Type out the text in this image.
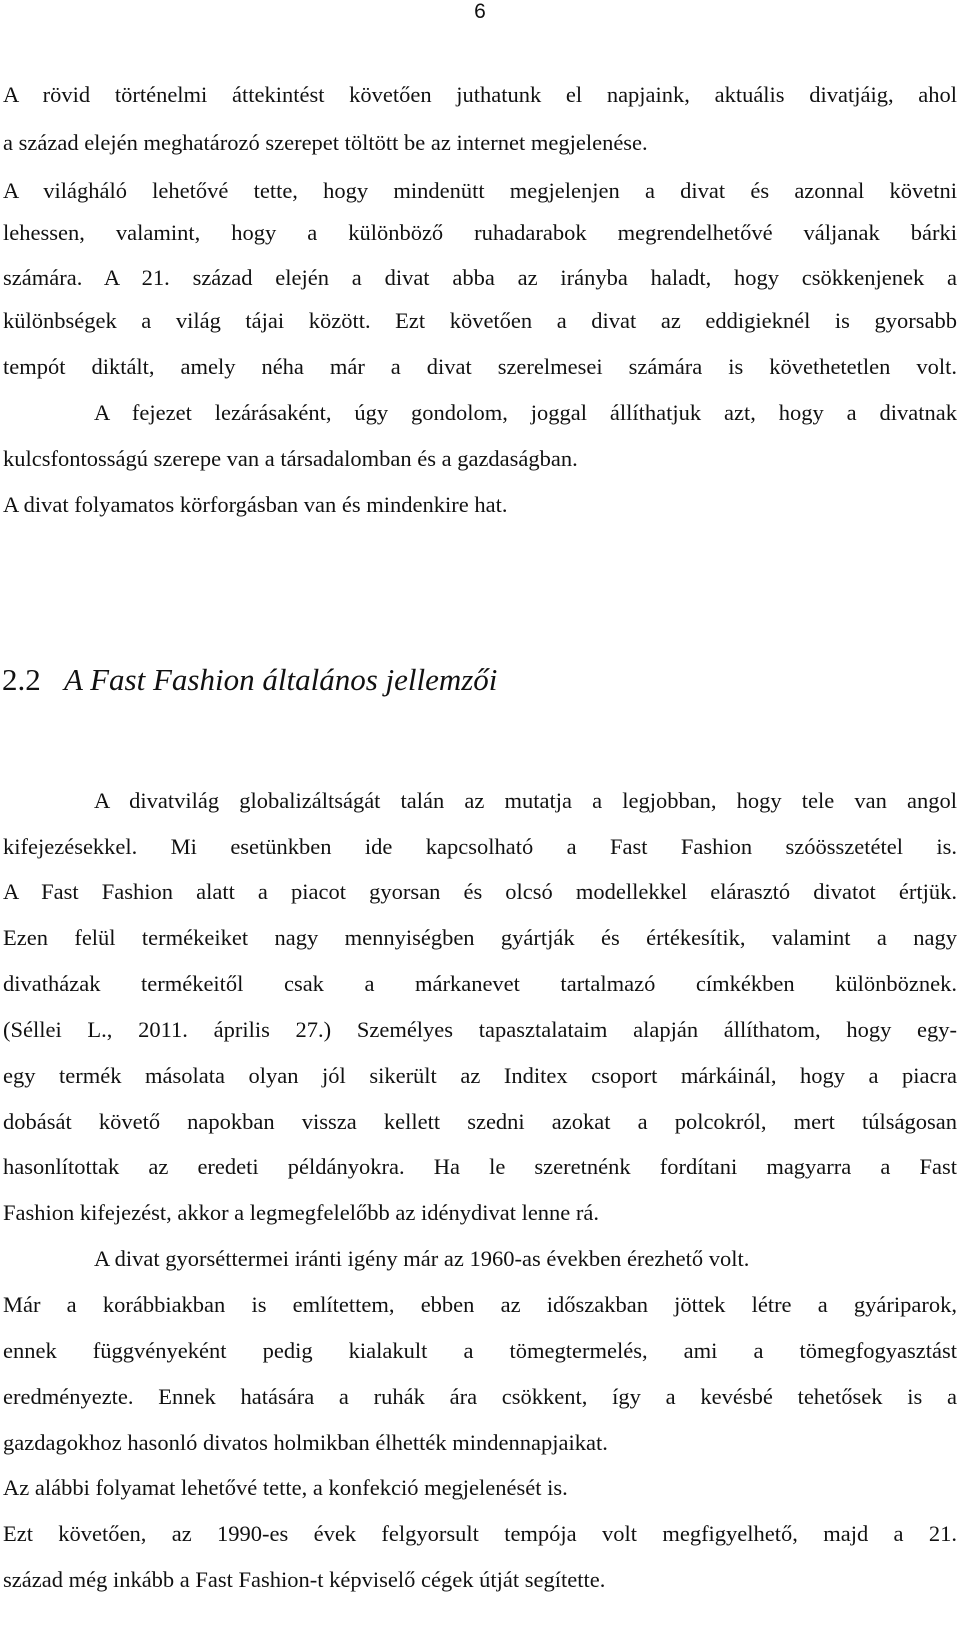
6
A rövid történelmi áttekintést követően juthatunk el napjaink, aktuális divatjáig, ahol
a század elején meghatározó szerepet töltött be az internet megjelenése.
A világháló lehetővé tette, hogy mindenütt megjelenjen a divat és azonnal követni
lehessen, valamint, hogy a különböző ruhadarabok megrendelhetővé váljanak bárki
számára. A 21. század elején a divat abba az irányba haladt, hogy csökkenjenek a
különbségek a világ tájai között. Ezt követően a divat az eddigieknél is gyorsabb
tempót diktált, amely néha már a divat szerelmesei számára is követhetetlen volt.
A fejezet lezárásaként, úgy gondolom, joggal állíthatjuk azt, hogy a divatnak
kulcsfontosságú szerepe van a társadalomban és a gazdaságban.
A divat folyamatos körforgásban van és mindenkire hat.
2.2 A Fast Fashion általános jellemzői
A divatvilág globalizáltságát talán az mutatja a legjobban, hogy tele van angol
kifejezésekkel. Mi esetünkben ide kapcsolható a Fast Fashion szóösszetétel is.
A Fast Fashion alatt a piacot gyorsan és olcsó modellekkel elárasztó divatot értjük.
Ezen felül termékeiket nagy mennyiségben gyártják és értékesítik, valamint a nagy
divatházak termékeitől csak a márkanevet tartalmazó címkékben különböznek.
(Séllei L., 2011. április 27.) Személyes tapasztalataim alapján állíthatom, hogy egy-
egy termék másolata olyan jól sikerült az Inditex csoport márkáinál, hogy a piacra
dobását követő napokban vissza kellett szedni azokat a polcokról, mert túlságosan
hasonlítottak az eredeti példányokra. Ha le szeretnénk fordítani magyarra a Fast
Fashion kifejezést, akkor a legmegfelelőbb az idénydivat lenne rá.
A divat gyorséttermei iránti igény már az 1960-as években érezhető volt.
Már a korábbiakban is említettem, ebben az időszakban jöttek létre a gyáriparok,
ennek függvényeként pedig kialakult a tömegtermelés, ami a tömegfogyasztást
eredményezte. Ennek hatására a ruhák ára csökkent, így a kevésbé tehetősek is a
gazdagokhoz hasonló divatos holmikban élhették mindennapjaikat.
Az alábbi folyamat lehetővé tette, a konfekció megjelenését is.
Ezt követően, az 1990-es évek felgyorsult tempója volt megfigyelhető, majd a 21.
század még inkább a Fast Fashion-t képviselő cégek útját segítette.
